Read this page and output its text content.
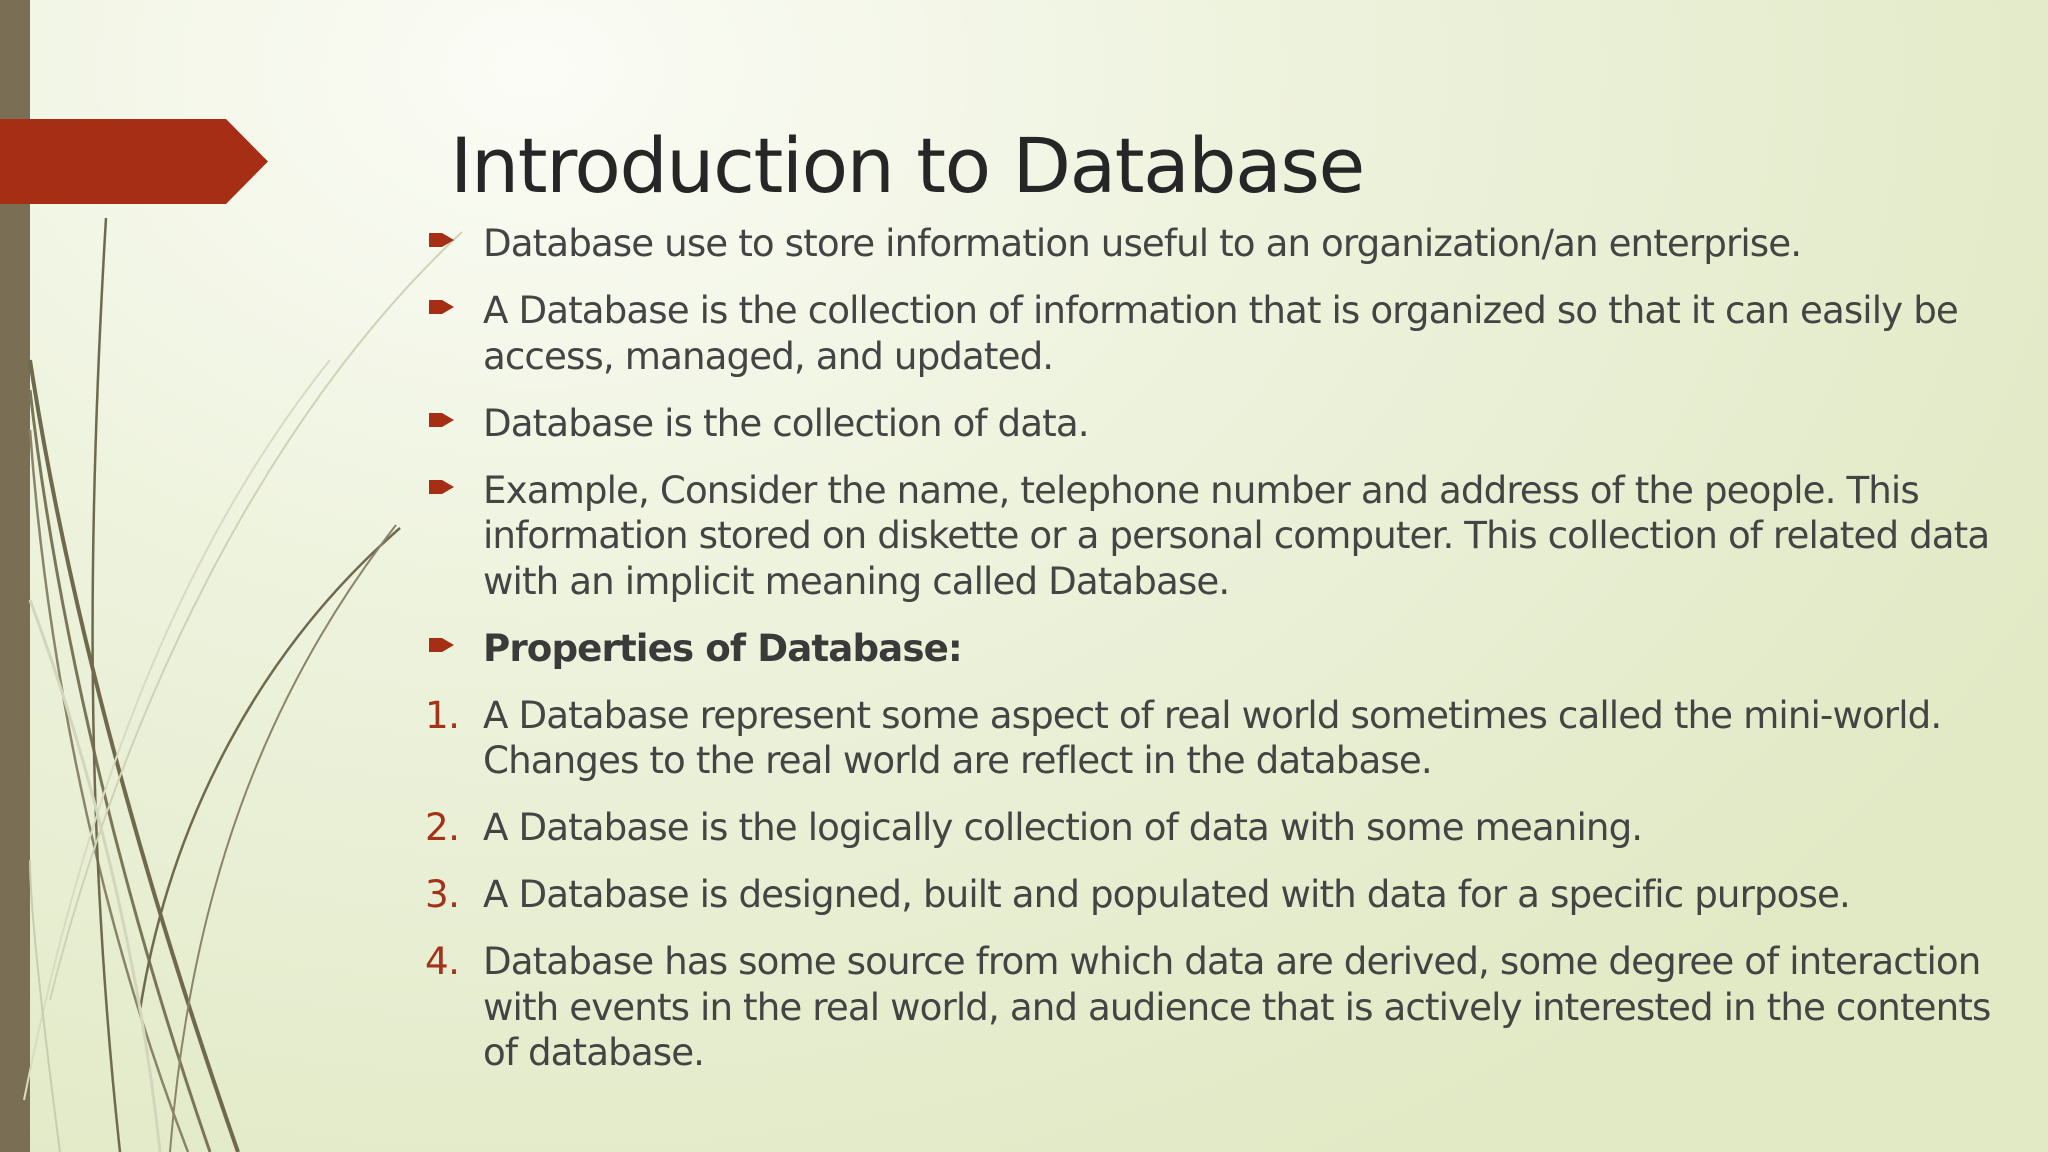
Introduction to Database
Database use to store information useful to an organization/an enterprise.
A Database is the collection of information that is organized so that it can easily be access, managed, and updated.
Database is the collection of data.
Example, Consider the name, telephone number and address of the people. This information stored on diskette or a personal computer. This collection of related data with an implicit meaning called Database.
Properties of Database:
1. A Database represent some aspect of real world sometimes called the mini-world. Changes to the real world are reflect in the database.
2. A Database is the logically collection of data with some meaning.
3. A Database is designed, built and populated with data for a specific purpose.
4. Database has some source from which data are derived, some degree of interaction with events in the real world, and audience that is actively interested in the contents of database.
